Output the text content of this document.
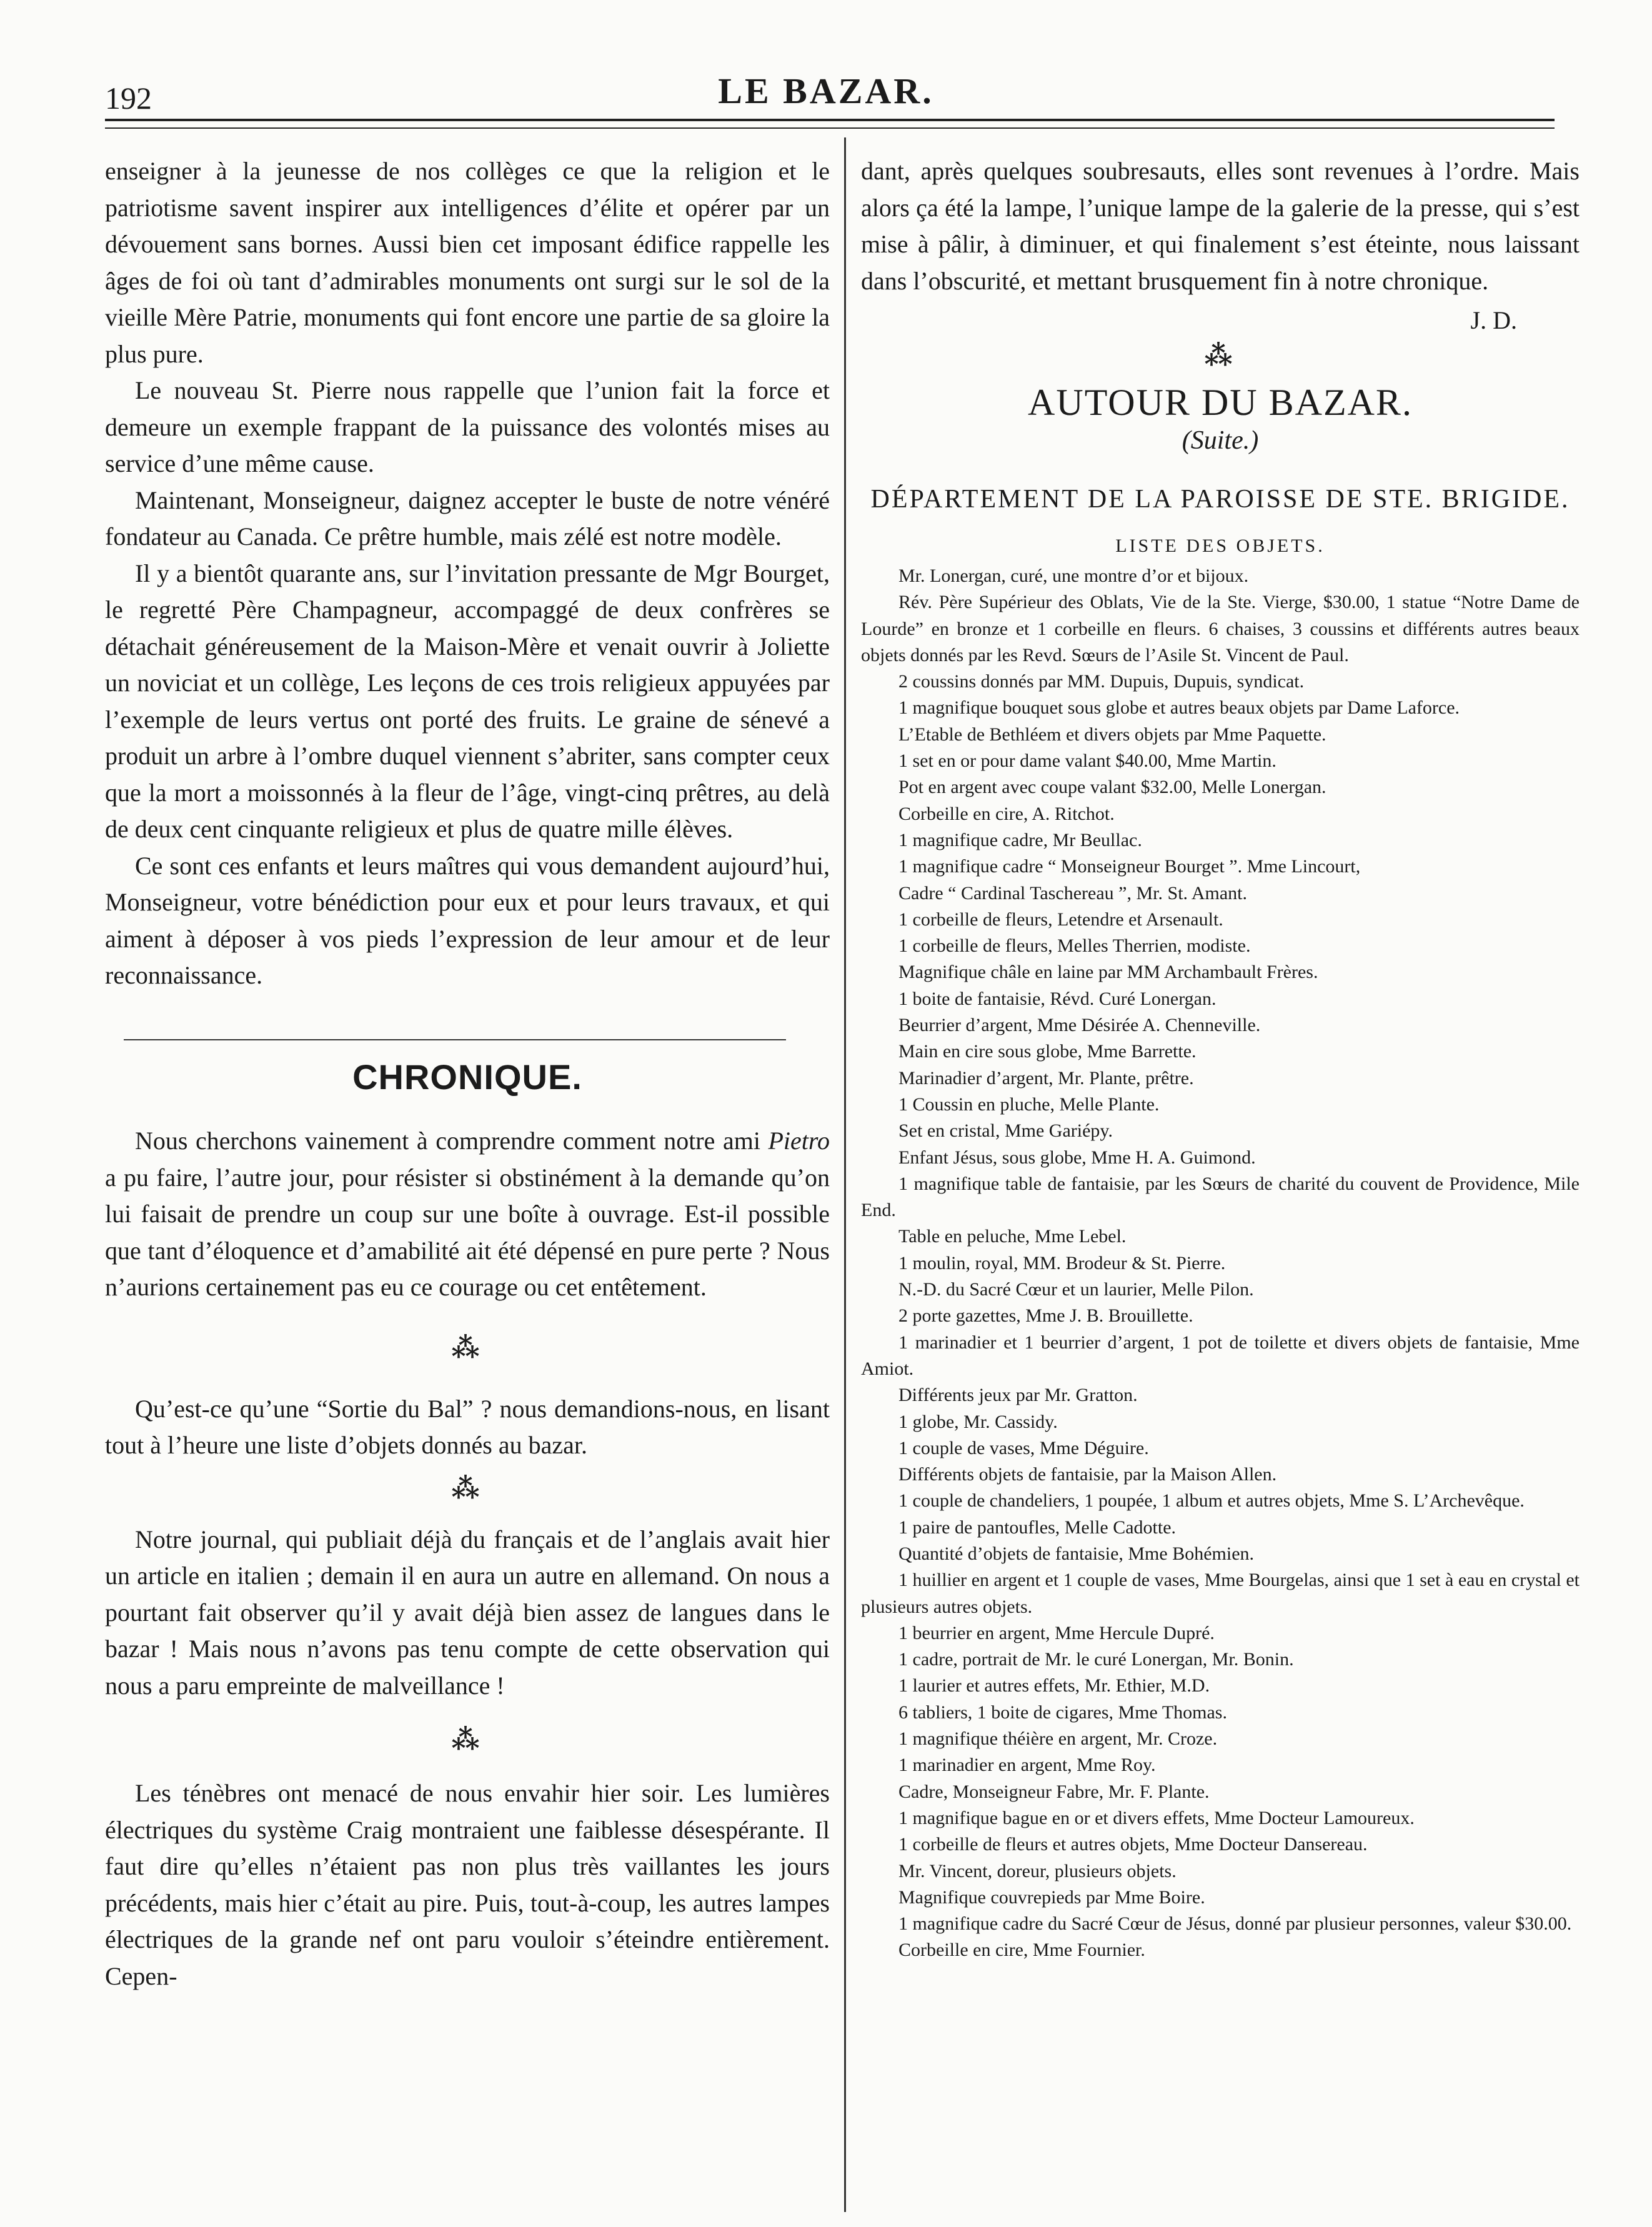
192	LE BAZAR.

enseigner à la jeunesse de nos collèges ce que la religion et le patriotisme savent inspirer aux intelligences d’élite et opérer par un dévouement sans bornes. Aussi bien cet imposant édifice rappelle les âges de foi où tant d’admirables monuments ont surgi sur le sol de la vieille Mère Patrie, monuments qui font encore une partie de sa gloire la plus pure.

Le nouveau St. Pierre nous rappelle que l’union fait la force et demeure un exemple frappant de la puissance des volontés mises au service d’une même cause.

Maintenant, Monseigneur, daignez accepter le buste de notre vénéré fondateur au Canada. Ce prêtre humble, mais zélé est notre modèle.

Il y a bientôt quarante ans, sur l’invitation pressante de Mgr Bourget, le regretté Père Champagneur, accompaggé de deux confrères se détachait généreusement de la Maison-Mère et venait ouvrir à Joliette un noviciat et un collège, Les leçons de ces trois religieux appuyées par l’exemple de leurs vertus ont porté des fruits. Le graine de sénevé a produit un arbre à l’ombre duquel viennent s’abriter, sans compter ceux que la mort a moissonnés à la fleur de l’âge, vingt-cinq prêtres, au delà de deux cent cinquante religieux et plus de quatre mille élèves.

Ce sont ces enfants et leurs maîtres qui vous demandent aujourd’hui, Monseigneur, votre bénédiction pour eux et pour leurs travaux, et qui aiment à déposer à vos pieds l’expression de leur amour et de leur reconnaissance.

CHRONIQUE.

Nous cherchons vainement à comprendre comment notre ami Pietro a pu faire, l’autre jour, pour résister si obstinément à la demande qu’on lui faisait de prendre un coup sur une boîte à ouvrage. Est-il possible que tant d’éloquence et d’amabilité ait été dépensé en pure perte ? Nous n’aurions certainement pas eu ce courage ou cet entêtement.

⁂

Qu’est-ce qu’une “Sortie du Bal” ? nous demandions-nous, en lisant tout à l’heure une liste d’objets donnés au bazar.

⁂

Notre journal, qui publiait déjà du français et de l’anglais avait hier un article en italien ; demain il en aura un autre en allemand. On nous a pourtant fait observer qu’il y avait déjà bien assez de langues dans le bazar ! Mais nous n’avons pas tenu compte de cette observation qui nous a paru empreinte de malveillance !

⁂

Les ténèbres ont menacé de nous envahir hier soir. Les lumières électriques du système Craig montraient une faiblesse désespérante. Il faut dire qu’elles n’étaient pas non plus très vaillantes les jours précédents, mais hier c’était au pire. Puis, tout-à-coup, les autres lampes électriques de la grande nef ont paru vouloir s’éteindre entièrement. Cepen-

dant, après quelques soubresauts, elles sont revenues à l’ordre. Mais alors ça été la lampe, l’unique lampe de la galerie de la presse, qui s’est mise à pâlir, à diminuer, et qui finalement s’est éteinte, nous laissant dans l’obscurité, et mettant brusquement fin à notre chronique.

J. D.

⁂

AUTOUR DU BAZAR.
(Suite.)
DÉPARTEMENT DE LA PAROISSE DE STE. BRIGIDE.
LISTE DES OBJETS.
Mr. Lonergan, curé, une montre d’or et bijoux.
Rév. Père Supérieur des Oblats, Vie de la Ste. Vierge, $30.00, 1 statue “Notre Dame de Lourde” en bronze et 1 corbeille en fleurs. 6 chaises, 3 coussins et différents autres beaux objets donnés par les Revd. Sœurs de l’Asile St. Vincent de Paul.
2 coussins donnés par MM. Dupuis, Dupuis, syndicat.
1 magnifique bouquet sous globe et autres beaux objets par Dame Laforce.
L’Etable de Bethléem et divers objets par Mme Paquette.
1 set en or pour dame valant $40.00, Mme Martin.
Pot en argent avec coupe valant $32.00, Melle Lonergan.
Corbeille en cire, A. Ritchot.
1 magnifique cadre, Mr Beullac.
1 magnifique cadre “ Monseigneur Bourget ”. Mme Lincourt,
Cadre “ Cardinal Taschereau ”, Mr. St. Amant.
1 corbeille de fleurs, Letendre et Arsenault.
1 corbeille de fleurs, Melles Therrien, modiste.
Magnifique châle en laine par MM Archambault Frères.
1 boite de fantaisie, Révd. Curé Lonergan.
Beurrier d’argent, Mme Désirée A. Chenneville.
Main en cire sous globe, Mme Barrette.
Marinadier d’argent, Mr. Plante, prêtre.
1 Coussin en pluche, Melle Plante.
Set en cristal, Mme Gariépy.
Enfant Jésus, sous globe, Mme H. A. Guimond.
1 magnifique table de fantaisie, par les Sœurs de charité du couvent de Providence, Mile End.
Table en peluche, Mme Lebel.
1 moulin, royal, MM. Brodeur & St. Pierre.
N.-D. du Sacré Cœur et un laurier, Melle Pilon.
2 porte gazettes, Mme J. B. Brouillette.
1 marinadier et 1 beurrier d’argent, 1 pot de toilette et divers objets de fantaisie, Mme Amiot.
Différents jeux par Mr. Gratton.
1 globe, Mr. Cassidy.
1 couple de vases, Mme Déguire.
Différents objets de fantaisie, par la Maison Allen.
1 couple de chandeliers, 1 poupée, 1 album et autres objets, Mme S. L’Archevêque.
1 paire de pantoufles, Melle Cadotte.
Quantité d’objets de fantaisie, Mme Bohémien.
1 huillier en argent et 1 couple de vases, Mme Bourgelas, ainsi que 1 set à eau en crystal et plusieurs autres objets.
1 beurrier en argent, Mme Hercule Dupré.
1 cadre, portrait de Mr. le curé Lonergan, Mr. Bonin.
1 laurier et autres effets, Mr. Ethier, M.D.
6 tabliers, 1 boite de cigares, Mme Thomas.
1 magnifique théière en argent, Mr. Croze.
1 marinadier en argent, Mme Roy.
Cadre, Monseigneur Fabre, Mr. F. Plante.
1 magnifique bague en or et divers effets, Mme Docteur Lamoureux.
1 corbeille de fleurs et autres objets, Mme Docteur Dansereau.
Mr. Vincent, doreur, plusieurs objets.
Magnifique couvrepieds par Mme Boire.
1 magnifique cadre du Sacré Cœur de Jésus, donné par plusieur personnes, valeur $30.00.
Corbeille en cire, Mme Fournier.
